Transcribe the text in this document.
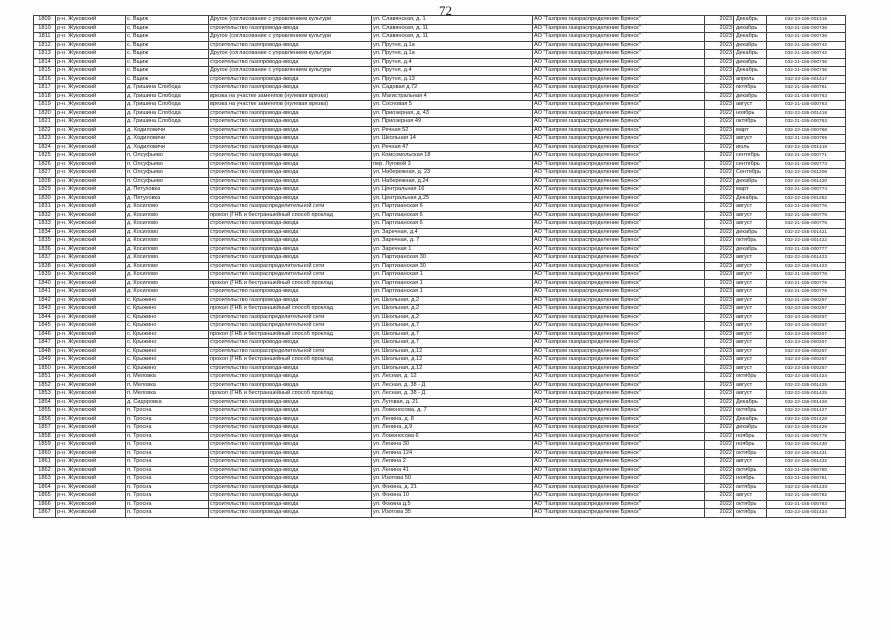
72
1809	р-н. Жуковский	с. Вщиж	Другое (согласование с управлением культури	ул. Славянская, д. 1	АО "Газпром газораспределение Брянск"	2023	Декабрь	032-23-155-001416
1810	р-н. Жуковский	с. Вщиж	строительство газопровода-ввода	ул. Славянская, д. 11	АО "Газпром газораспределение Брянск"	2023	декабрь	032-21-155-000736
1811	р-н. Жуковский	с. Вщиж	Другое (согласование с управлением культури	ул. Славянская, д. 11	АО "Газпром газораспределение Брянск"	2023	Декабрь	032-21-155-000736
1812	р-н. Жуковский	с. Вщиж	строительство газопровода-ввода	ул. Прутня, д.1а	АО "Газпром газораспределение Брянск"	2023	декабрь	032-21-155-000742
1813	р-н. Жуковский	с. Вщиж	Другое (согласование с управлением культури	ул. Прутня, д.1а	АО "Газпром газораспределение Брянск"	2023	Декабрь	032-21-155-000742
1814	р-н. Жуковский	с. Вщиж	строительство газопровода-ввода	ул. Прутня, д.4	АО "Газпром газораспределение Брянск"	2023	декабрь	032-21-155-000736
1815	р-н. Жуковский	с. Вщиж	Другое (согласование с управлением культури	ул. Прутня, д.4	АО "Газпром газораспределение Брянск"	2023	Декабрь	032-21-155-000736
1816	р-н. Жуковский	с. Вщиж	строительство газопровода-ввода	ул. Прутня, д.13	АО "Газпром газораспределение Брянск"	2023	апрель	032-23-155-001417
1817	р-н. Жуковский	д. Гришина Слобода	строительство газопровода-ввода	ул. Садовая д.72	АО "Газпром газораспределение Брянск"	2022	октябрь	032-21-155-000761
1818	р-н. Жуковский	д. Гришина Слобода	врезка на участке заменпов (нулевая врезка)	ул. Магистральная 4	АО "Газпром газораспределение Брянск"	2022	декабрь	032-21-155-000763
1819	р-н. Жуковский	д. Гришина Слобода	врезка на участке заменпов (нулевая врезка)	ул. Сосновая 5	АО "Газпром газораспределение Брянск"	2023	август	032-21-155-000763
1820	р-н. Жуковский	д. Гришина Слобода	строительство газопровода-ввода	ул. Приозерная, д. 43	АО "Газпром газораспределение Брянск"	2022	ноябрь	032-22-155-001418
1821	р-н. Жуковский	д. Гришина Слобода	строительство газопровода-ввода	ул. Приозерная 49	АО "Газпром газораспределение Брянск"	2022	октябрь	032-21-155-000763
1822	р-н. Жуковский	д. Ходиловичи	строительство газопровода-ввода	ул. Речная 52	АО "Газпром газораспределение Брянск"	2023	март	032-22-155-000768
1823	р-н. Жуковский	д. Ходиловичи	строительство газопровода-ввода	ул. Школьная 14	АО "Газпром газораспределение Брянск"	2023	август	032-21-155-000769
1824	р-н. Жуковский	д. Ходиловичи	строительство газопровода-ввода	ул. Речная 47	АО "Газпром газораспределение Брянск"	2022	июль	032-22-155-001419
1825	р-н. Жуковский	п. Олсуфьево	строительство газопровода-ввода	ул. Комсомольская 18	АО "Газпром газораспределение Брянск"	2022	сентябрь	032-21-155-000771
1826	р-н. Жуковский	п. Олсуфьево	строительство газопровода-ввода	пер. Луговой 3	АО "Газпром газораспределение Брянск"	2022	сентябрь	032-21-155-000773
1827	р-н. Жуковский	п. Олсуфьево	строительство газопровода-ввода	ул. Набережная, д. 23	АО "Газпром газораспределение Брянск"	2022	Сентябрь	032-22-155-001206
1828	р-н. Жуковский	п. Олсуфьево	строительство газопровода-ввода	ул. Набережная, д.24	АО "Газпром газораспределение Брянск"	2022	декабрь	032-22-155-001420
1829	р-н. Жуковский	д. Петуховка	строительство газопровода-ввода	ул. Центральная 16	АО "Газпром газораспределение Брянск"	2022	март	032-21-155-000774
1830	р-н. Жуковский	д. Петуховка	строительство газопровода-ввода	ул. Центральная д.25	АО "Газпром газораспределение Брянск"	2022	Декабрь	032-22-155-001262
1831	р-н. Жуковский	д. Косилово	строительство газораспределительной сети	ул. Партизанская 6	АО "Газпром газораспределение Брянск"	2023	август	032-21-155-000776
1832	р-н. Жуковский	д. Косилово	прокол (ГНБ и бестраншейный способ проклад	ул. Партизанская 6	АО "Газпром газораспределение Брянск"	2023	август	032-21-155-000776
1833	р-н. Жуковский	д. Косилово	строительство газопровода-ввода	ул. Партизанская 6	АО "Газпром газораспределение Брянск"	2023	август	032-21-155-000776
1834	р-н. Жуковский	д. Косилово	строительство газопровода-ввода	ул. Заречная, д.4	АО "Газпром газораспределение Брянск"	2022	декабрь	032-22-155-001421
1835	р-н. Жуковский	д. Косилово	строительство газопровода-ввода	ул. Заречная, д. 7	АО "Газпром газораспределение Брянск"	2022	октябрь	032-22-155-001422
1836	р-н. Жуковский	д. Косилово	строительство газопровода-ввода	ул. Заречная 1	АО "Газпром газораспределение Брянск"	2022	декабрь	032-21-155-000777
1837	р-н. Жуковский	д. Косилово	строительство газопровода-ввода	ул. Партизанская 30	АО "Газпром газораспределение Брянск"	2023	август	032-22-155-001423
1838	р-н. Жуковский	д. Косилово	строительство газораспределительной сети	ул. Партизанская 30	АО "Газпром газораспределение Брянск"	2023	август	032-22-155-001423
1839	р-н. Жуковский	д. Косилово	строительство газораспределительной сети	ул. Партизанская 1	АО "Газпром газораспределение Брянск"	2023	август	032-21-155-000776
1840	р-н. Жуковский	д. Косилово	прокол (ГНБ и бестраншейный способ проклад	ул. Партизанская 1	АО "Газпром газораспределение Брянск"	2023	август	032-21-155-000776
1841	р-н. Жуковский	д. Косилово	строительство газопровода-ввода	ул. Партизанская 1	АО "Газпром газораспределение Брянск"	2023	август	032-21-155-000776
1842	р-н. Жуковский	с. Крыжино	строительство газопровода-ввода	ул. Школьная, д.2	АО "Газпром газораспределение Брянск"	2023	август	032-21-155-000257
1843	р-н. Жуковский	с. Крыжино	прокол (ГНБ и бестраншейный способ проклад	ул. Школьная, д.2	АО "Газпром газораспределение Брянск"	2023	август	032-23-155-000257
1844	р-н. Жуковский	с. Крыжино	строительство газораспределительной сети	ул. Школьная, д.2	АО "Газпром газораспределение Брянск"	2023	август	032-23-155-000257
1845	р-н. Жуковский	с. Крыжино	строительство газораспределительной сети	ул. Школьная, д.7	АО "Газпром газораспределение Брянск"	2023	август	032-23-155-000257
1846	р-н. Жуковский	с. Крыжино	прокол (ГНБ и бестраншейный способ проклад	ул. Школьная, д.7	АО "Газпром газораспределение Брянск"	2023	август	032-23-155-000257
1847	р-н. Жуковский	с. Крыжино	строительство газопровода-ввода	ул. Школьная, д.7	АО "Газпром газораспределение Брянск"	2023	август	032-23-155-000257
1848	р-н. Жуковский	с. Крыжино	строительство газораспределительной сети	ул. Школьная, д.12	АО "Газпром газораспределение Брянск"	2023	август	032-23-155-000257
1849	р-н. Жуковский	с. Крыжино	прокол (ГНБ и бестраншейный способ проклад	ул. Школьная, д.12	АО "Газпром газораспределение Брянск"	2023	август	032-23-155-000257
1850	р-н. Жуковский	с. Крыжино	строительство газопровода-ввода	ул. Школьная, д.12	АО "Газпром газораспределение Брянск"	2023	август	032-23-155-000257
1851	р-н. Жуковский	п. Меловка	строительство газопровода-ввода	ул. Лесная, д. 12	АО "Газпром газораспределение Брянск"	2022	октябрь	032-22-155-001424
1852	р-н. Жуковский	п. Меловка	строительство газопровода-ввода	ул. Лесная, д. 38 - Д	АО "Газпром газораспределение Брянск"	2023	август	032-22-155-001425
1853	р-н. Жуковский	п. Меловка	прокол (ГНБ и бестраншейный способ проклад	ул. Лесная, д. 38 - Д	АО "Газпром газораспределение Брянск"	2023	август	032-22-155-001425
1854	р-н. Жуковский	д. Сидоровка	строительство газопровода-ввода	ул. Луговая, д. 21	АО "Газпром газораспределение Брянск"	2022	Декабрь	032-22-155-001426
1855	р-н. Жуковский	п. Тросна	строительство газопровода-ввода	ул. Ломоносова, д. 7	АО "Газпром газораспределение Брянск"	2022	октябрь	032-22-155-001427
1856	р-н. Жуковский	п. Тросна	строительство газопровода-ввода	ул. Ленина, д. 8	АО "Газпром газораспределение Брянск"	2022	Декабрь	032-22-155-001428
1857	р-н. Жуковский	п. Тросна	строительство газопровода-ввода	ул. Ленина, д.9	АО "Газпром газораспределение Брянск"	2022	декабрь	032-22-155-001429
1858	р-н. Жуковский	п. Тросна	строительство газопровода-ввода	ул. Ломоносова 6	АО "Газпром газораспределение Брянск"	2022	ноябрь	032-21-155-000779
1859	р-н. Жуковский	п. Тросна	строительство газопровода-ввода	ул. Ленина 30	АО "Газпром газораспределение Брянск"	2022	ноябрь	032-22-155-001430
1860	р-н. Жуковский	п. Тросна	строительство газопровода-ввода	ул. Ленина 124	АО "Газпром газораспределение Брянск"	2022	октябрь	032-22-155-001431
1861	р-н. Жуковский	п. Тросна	строительство газопровода-ввода	ул. Ленина 2	АО "Газпром газораспределение Брянск"	2022	август	032-22-155-001432
1862	р-н. Жуковский	п. Тросна	строительство газопровода-ввода	ул. Ленина 41	АО "Газпром газораспределение Брянск"	2022	октябрь	032-21-155-000780
1863	р-н. Жуковский	п. Тросна	строительство газопровода-ввода	ул. Изотова 50	АО "Газпром газораспределение Брянск"	2022	ноябрь	032-21-155-000781
1864	р-н. Жуковский	п. Тросна	строительство газопровода-ввода	ул. Фокина, д. 21	АО "Газпром газораспределение Брянск"	2022	октябрь	032-22-155-001433
1865	р-н. Жуковский	п. Тросна	строительство газопровода-ввода	ул. Фокина 10	АО "Газпром газораспределение Брянск"	2022	август	032-21-155-000782
1866	р-н. Жуковский	п. Тросна	строительство газопровода-ввода	ул. Фокина д.5	АО "Газпром газораспределение Брянск"	2022	октябрь	032-21-155-000783
1867	р-н. Жуковский	п. Тросна	строительство газопровода-ввода	ул. Изотова 35	АО "Газпром газораспределение Брянск"	2022	октябрь	032-22-155-001434
